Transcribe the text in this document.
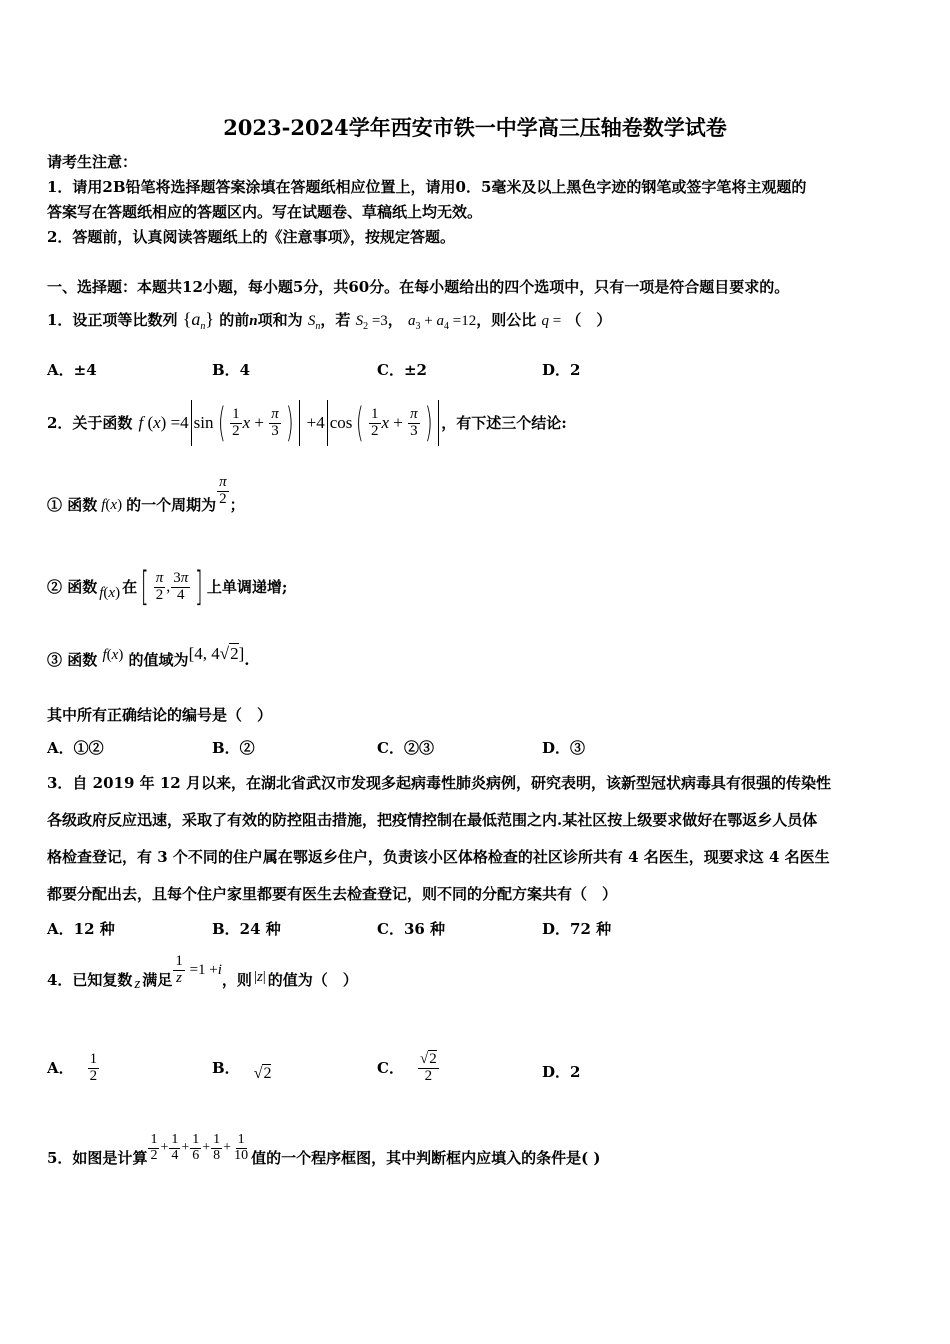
2023-2024学年西安市铁一中学高三压轴卷数学试卷
请考生注意：
1．请用2B铅笔将选择题答案涂填在答题纸相应位置上，请用0．5毫米及以上黑色字迹的钢笔或签字笔将主观题的
答案写在答题纸相应的答题区内。写在试题卷、草稿纸上均无效。
2．答题前，认真阅读答题纸上的《注意事项》，按规定答题。
一、选择题：本题共12小题，每小题5分，共60分。在每小题给出的四个选项中，只有一项是符合题目要求的。
1．设正项等比数列 $\{a_n\}$ 的前n项和为 $S_n$，若 $S_2 =3$， $a_3 + a_4 =12$，则公比 q = （　）
A．±4	B．4	C．±2	D．2
2．关于函数 f ( x ) =4 sin ( $\frac{1}{2}$ $x + \frac{\pi}{3}$ ) +4 cos ( $\frac{1}{2}$ $x + \frac{\pi}{3}$ ) ，有下述三个结论:
① 函数 f(x) 的一个周期为 $\frac{\pi}{2}$ ；
② 函数 f(x) 在 [ $\frac{\pi}{2}$ , $\frac{3\pi}{4}$ ] 上单调递增;
③ 函数 f(x) 的值域为[4, 4√2].
其中所有正确结论的编号是（　）
A．①②	B．②	C．②③	D．③
3．自 2019 年 12 月以来，在湖北省武汉市发现多起病毒性肺炎病例，研究表明，该新型冠状病毒具有很强的传染性
各级政府反应迅速，采取了有效的防控阻击措施，把疫情控制在最低范围之内.某社区按上级要求做好在鄂返乡人员体
格检查登记，有 3 个不同的住户属在鄂返乡住户，负责该小区体格检查的社区诊所共有 4 名医生，现要求这 4 名医生
都要分配出去，且每个住户家里都要有医生去检查登记，则不同的分配方案共有（　）
A．12 种	B．24 种	C．36 种	D．72 种
4．已知复数 z 满足 $\frac{1}{z} =1 + i$
，则 |z| 的值为（　）
A． $\frac{1}{2}$	B． √2	C． $\frac{√2}{2}$	D．2
5．如图是计算 $\frac{1}{2} + \frac{1}{4} + \frac{1}{6} + \frac{1}{8} + \frac{1}{10}$ 值的一个程序框图，其中判断框内应填入的条件是( )
